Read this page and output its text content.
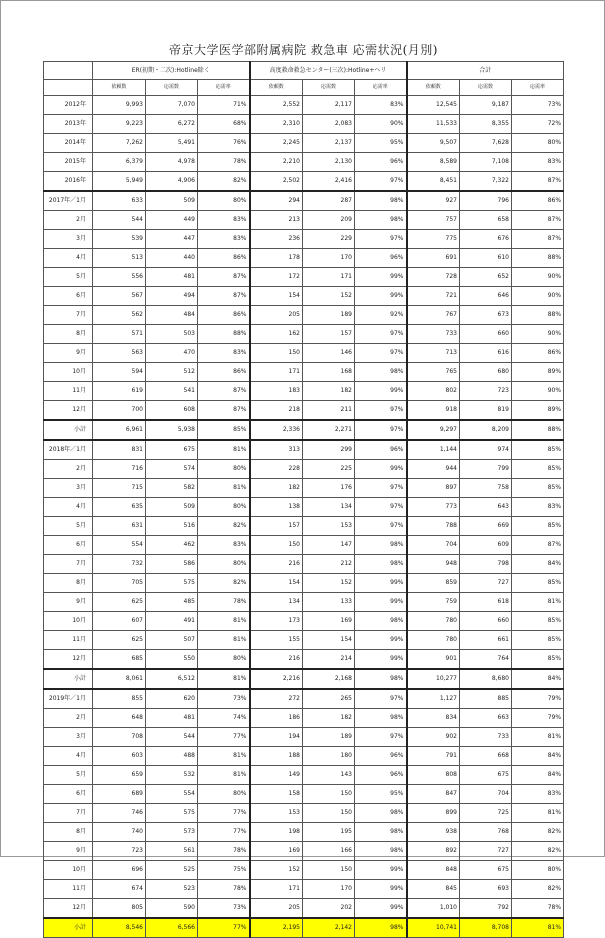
帝京大学医学部附属病院 救急車 応需状況(月別)
	ER(初期・二次):Hotline除く			高度救命救急センター(三次):Hotline+ヘリ			合計		
	依頼数	応需数	応需率	依頼数	応需数	応需率	依頼数	応需数	応需率
2012年	9,993	7,070	71%	2,552	2,117	83%	12,545	9,187	73%
2013年	9,223	6,272	68%	2,310	2,083	90%	11,533	8,355	72%
2014年	7,262	5,491	76%	2,245	2,137	95%	9,507	7,628	80%
2015年	6,379	4,978	78%	2,210	2,130	96%	8,589	7,108	83%
2016年	5,949	4,906	82%	2,502	2,416	97%	8,451	7,322	87%
2017年／1月	633	509	80%	294	287	98%	927	796	86%
2月	544	449	83%	213	209	98%	757	658	87%
3月	539	447	83%	236	229	97%	775	676	87%
4月	513	440	86%	178	170	96%	691	610	88%
5月	556	481	87%	172	171	99%	728	652	90%
6月	567	494	87%	154	152	99%	721	646	90%
7月	562	484	86%	205	189	92%	767	673	88%
8月	571	503	88%	162	157	97%	733	660	90%
9月	563	470	83%	150	146	97%	713	616	86%
10月	594	512	86%	171	168	98%	765	680	89%
11月	619	541	87%	183	182	99%	802	723	90%
12月	700	608	87%	218	211	97%	918	819	89%
小計	6,961	5,938	85%	2,336	2,271	97%	9,297	8,209	88%
2018年／1月	831	675	81%	313	299	96%	1,144	974	85%
2月	716	574	80%	228	225	99%	944	799	85%
3月	715	582	81%	182	176	97%	897	758	85%
4月	635	509	80%	138	134	97%	773	643	83%
5月	631	516	82%	157	153	97%	788	669	85%
6月	554	462	83%	150	147	98%	704	609	87%
7月	732	586	80%	216	212	98%	948	798	84%
8月	705	575	82%	154	152	99%	859	727	85%
9月	625	485	78%	134	133	99%	759	618	81%
10月	607	491	81%	173	169	98%	780	660	85%
11月	625	507	81%	155	154	99%	780	661	85%
12月	685	550	80%	216	214	99%	901	764	85%
小計	8,061	6,512	81%	2,216	2,168	98%	10,277	8,680	84%
2019年／1月	855	620	73%	272	265	97%	1,127	885	79%
2月	648	481	74%	186	182	98%	834	663	79%
3月	708	544	77%	194	189	97%	902	733	81%
4月	603	488	81%	188	180	96%	791	668	84%
5月	659	532	81%	149	143	96%	808	675	84%
6月	689	554	80%	158	150	95%	847	704	83%
7月	746	575	77%	153	150	98%	899	725	81%
8月	740	573	77%	198	195	98%	938	768	82%
9月	723	561	78%	169	166	98%	892	727	82%
10月	696	525	75%	152	150	99%	848	675	80%
11月	674	523	78%	171	170	99%	845	693	82%
12月	805	590	73%	205	202	99%	1,010	792	78%
小計	8,546	6,566	77%	2,195	2,142	98%	10,741	8,708	81%
